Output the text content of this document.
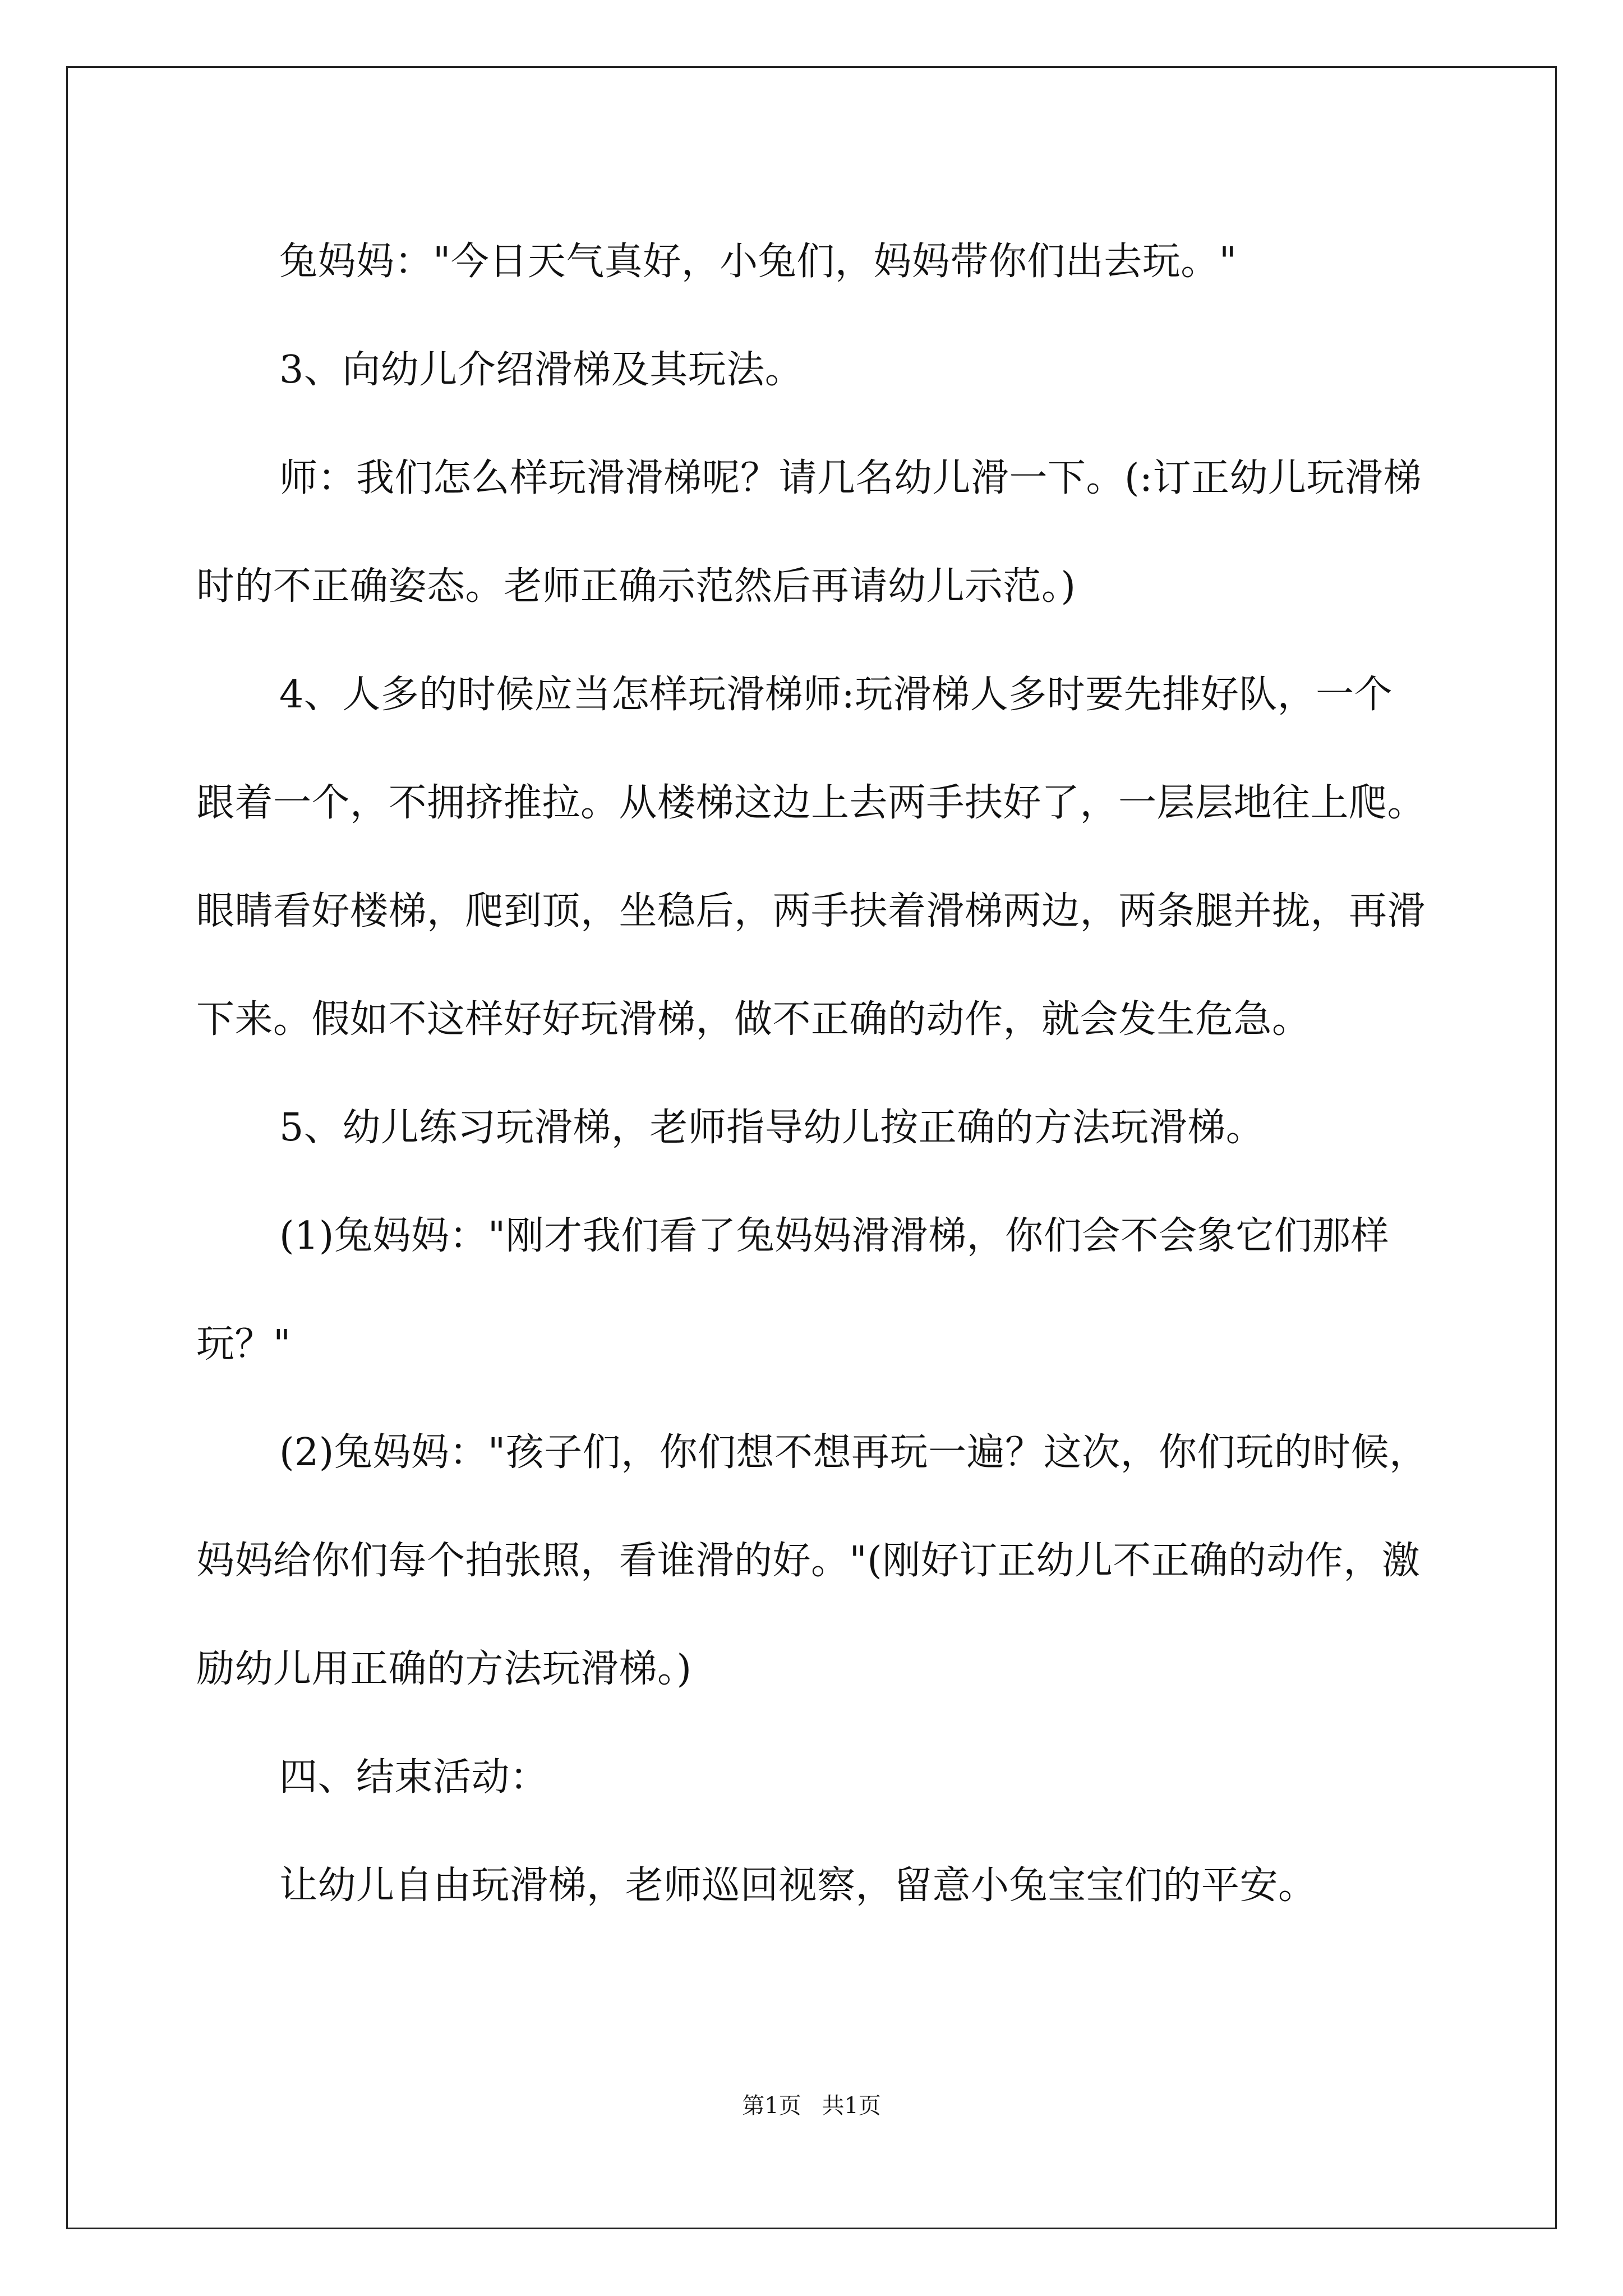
兔妈妈："今日天气真好，小兔们，妈妈带你们出去玩。"

3、向幼儿介绍滑梯及其玩法。

师：我们怎么样玩滑滑梯呢？请几名幼儿滑一下。(:订正幼儿玩滑梯时的不正确姿态。老师正确示范然后再请幼儿示范。)

4、人多的时候应当怎样玩滑梯师:玩滑梯人多时要先排好队，一个跟着一个，不拥挤推拉。从楼梯这边上去两手扶好了，一层层地往上爬。眼睛看好楼梯，爬到顶，坐稳后，两手扶着滑梯两边，两条腿并拢，再滑下来。假如不这样好好玩滑梯，做不正确的动作，就会发生危急。

5、幼儿练习玩滑梯，老师指导幼儿按正确的方法玩滑梯。

(1)兔妈妈："刚才我们看了兔妈妈滑滑梯，你们会不会象它们那样玩？"

(2)兔妈妈："孩子们，你们想不想再玩一遍？这次，你们玩的时候，妈妈给你们每个拍张照，看谁滑的好。"(刚好订正幼儿不正确的动作，激励幼儿用正确的方法玩滑梯。)

四、结束活动：

让幼儿自由玩滑梯，老师巡回视察，留意小兔宝宝们的平安。

第1页 共1页
